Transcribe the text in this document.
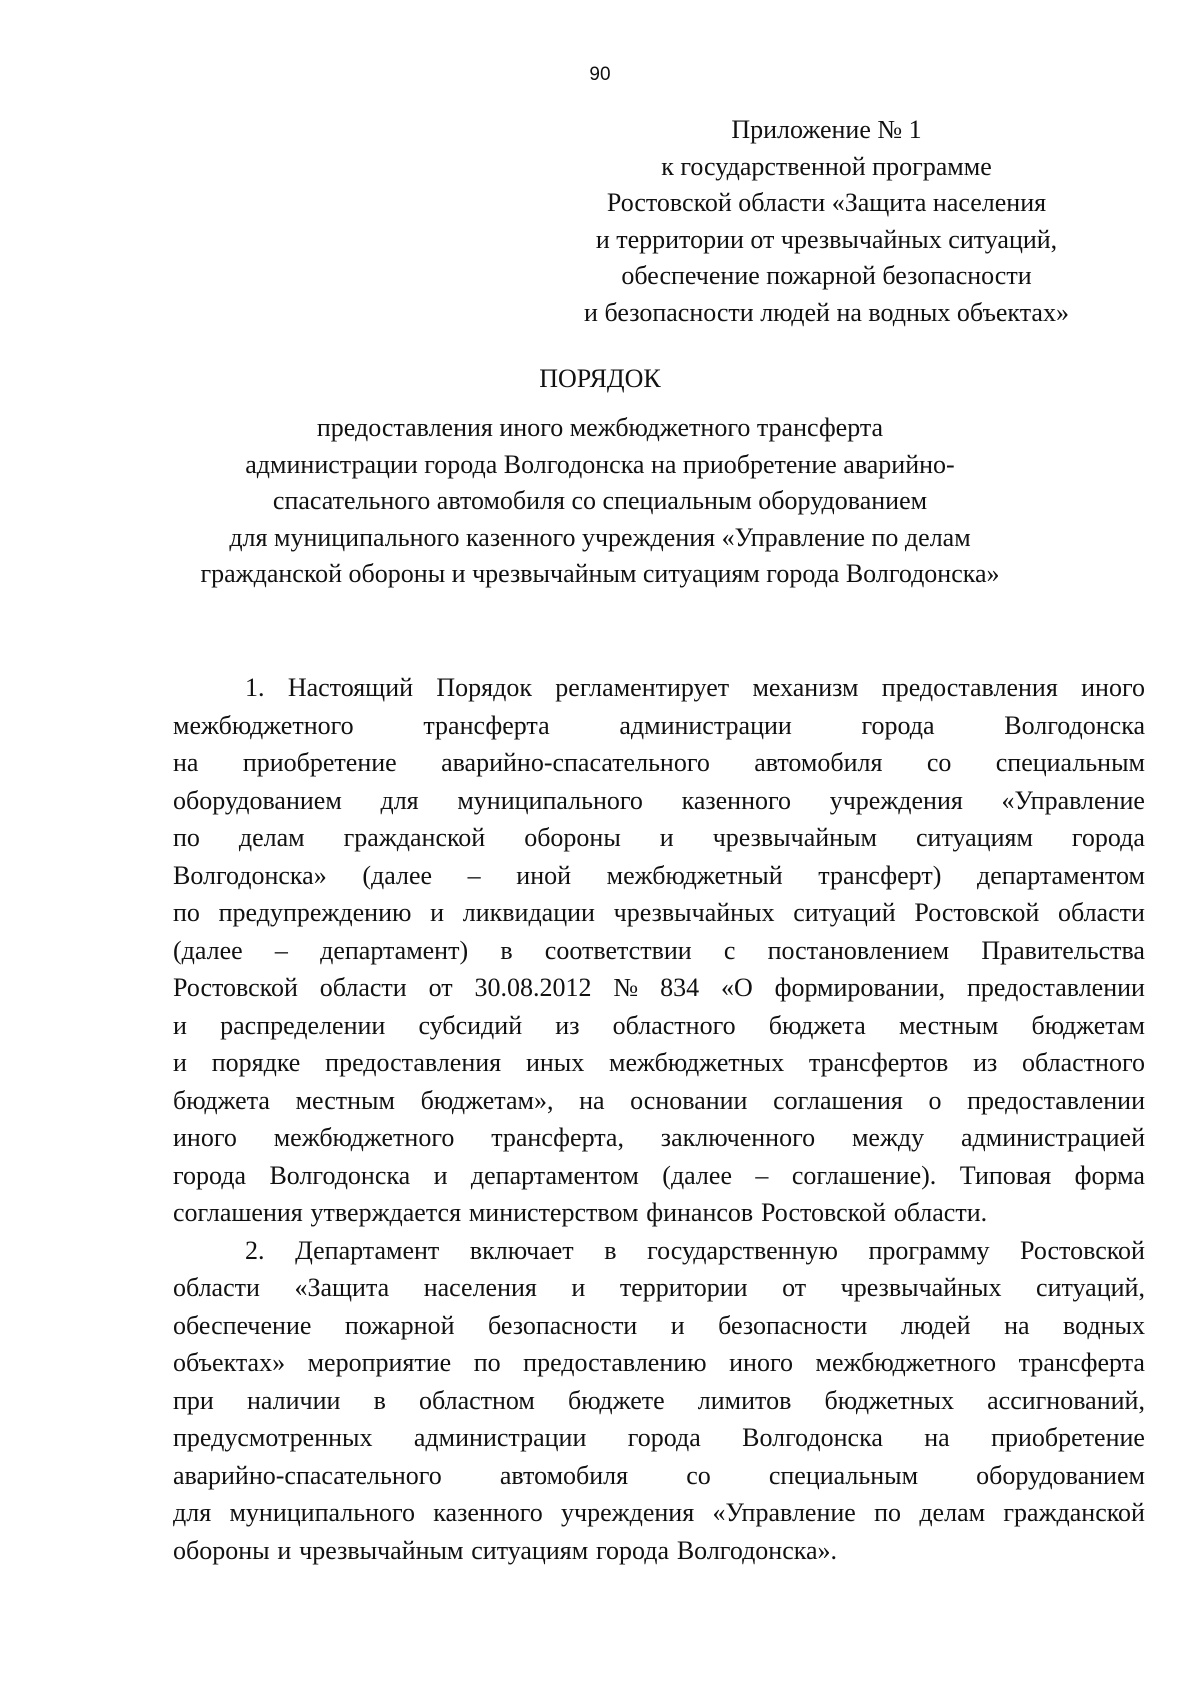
90
Приложение № 1
к государственной программе
Ростовской области «Защита населения
и территории от чрезвычайных ситуаций,
обеспечение пожарной безопасности
и безопасности людей на водных объектах»
ПОРЯДОК
предоставления иного межбюджетного трансферта
администрации города Волгодонска на приобретение аварийно-
спасательного автомобиля со специальным оборудованием
для муниципального казенного учреждения «Управление по делам
гражданской обороны и чрезвычайным ситуациям города Волгодонска»
1. Настоящий Порядок регламентирует механизм предоставления иного
межбюджетного	трансферта	администрации	города	Волгодонска
на приобретение аварийно-спасательного автомобиля со специальным
оборудованием для муниципального казенного учреждения «Управление
по делам гражданской обороны и чрезвычайным ситуациям города
Волгодонска» (далее – иной межбюджетный трансферт) департаментом
по предупреждению и ликвидации чрезвычайных ситуаций Ростовской области
(далее – департамент) в соответствии с постановлением Правительства
Ростовской области от 30.08.2012 № 834 «О формировании, предоставлении
и распределении субсидий из областного бюджета местным бюджетам
и порядке предоставления иных межбюджетных трансфертов из областного
бюджета местным бюджетам», на основании соглашения о предоставлении
иного межбюджетного трансферта, заключенного между администрацией
города Волгодонска и департаментом (далее – соглашение). Типовая форма
соглашения утверждается министерством финансов Ростовской области.
2. Департамент включает в государственную программу Ростовской
области «Защита населения и территории от чрезвычайных ситуаций,
обеспечение пожарной безопасности и безопасности людей на водных
объектах» мероприятие по предоставлению иного межбюджетного трансферта
при наличии в областном бюджете лимитов бюджетных ассигнований,
предусмотренных администрации города Волгодонска на приобретение
аварийно-спасательного автомобиля со специальным оборудованием
для муниципального казенного учреждения «Управление по делам гражданской
обороны и чрезвычайным ситуациям города Волгодонска».
